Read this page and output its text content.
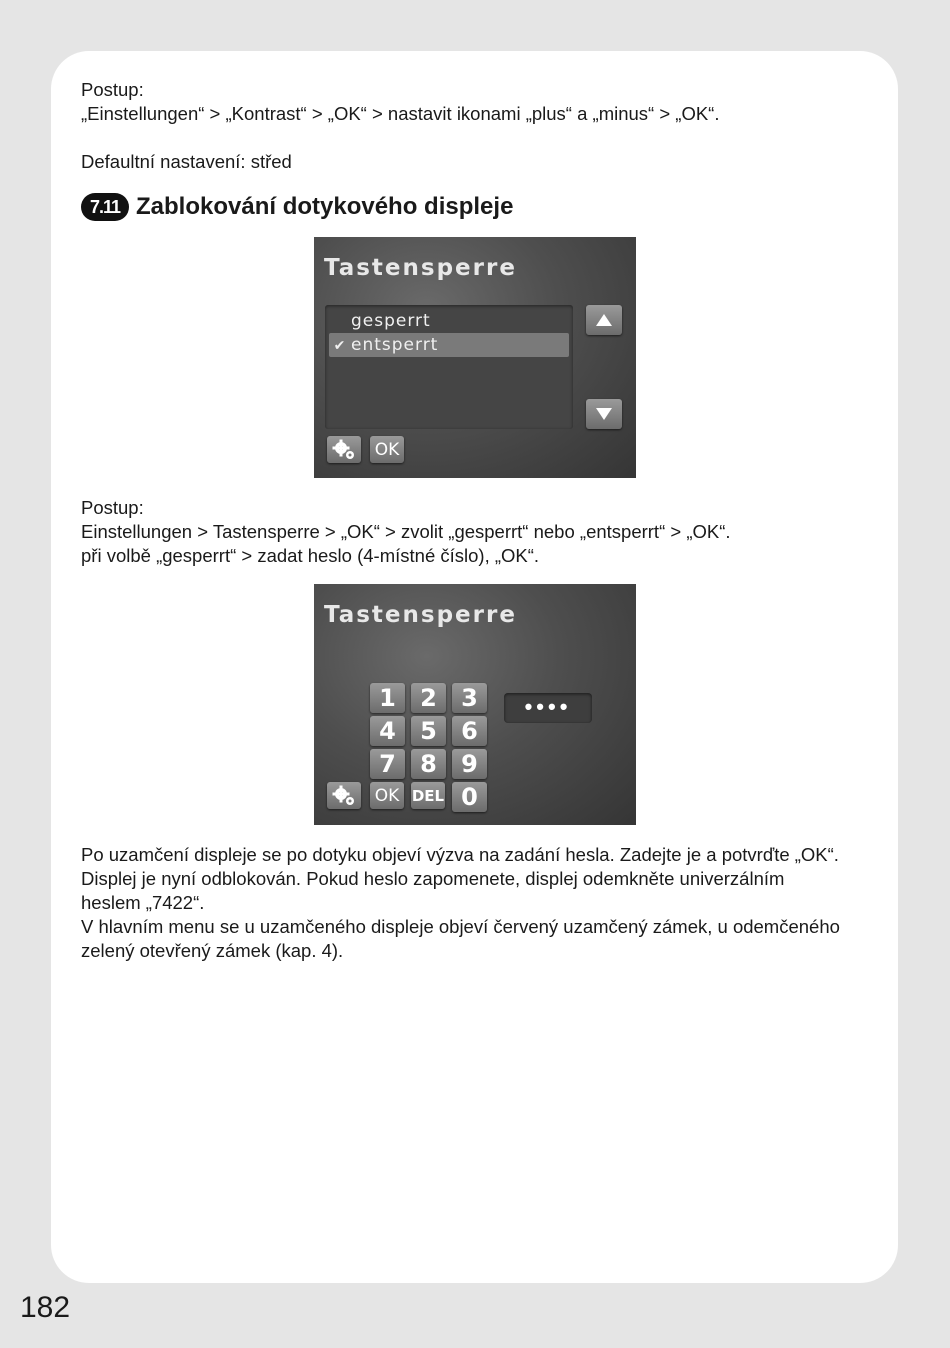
Postup:
„Einstellungen“ > „Kontrast“ > „OK“ > nastavit ikonami „plus“ a „minus“ > „OK“.
Defaultní nastavení: střed
7.11 Zablokování dotykového displeje
Tastensperre
gesperrt
✔ entsperrt
OK
Postup:
Einstellungen > Tastensperre > „OK“ > zvolit „gesperrt“ nebo „entsperrt“ > „OK“.
při volbě „gesperrt“ > zadat heslo (4-místné číslo), „OK“.
Tastensperre
1	2	3
4	5	6
7	8	9
OK DEL 0
••••
Po uzamčení displeje se po dotyku objeví výzva na zadání hesla. Zadejte je a potvrďte „OK“.
Displej je nyní odblokován. Pokud heslo zapomenete, displej odemkněte univerzálním
heslem „7422“.
V hlavním menu se u uzamčeného displeje objeví červený uzamčený zámek, u odemčeného
zelený otevřený zámek (kap. 4).
182
